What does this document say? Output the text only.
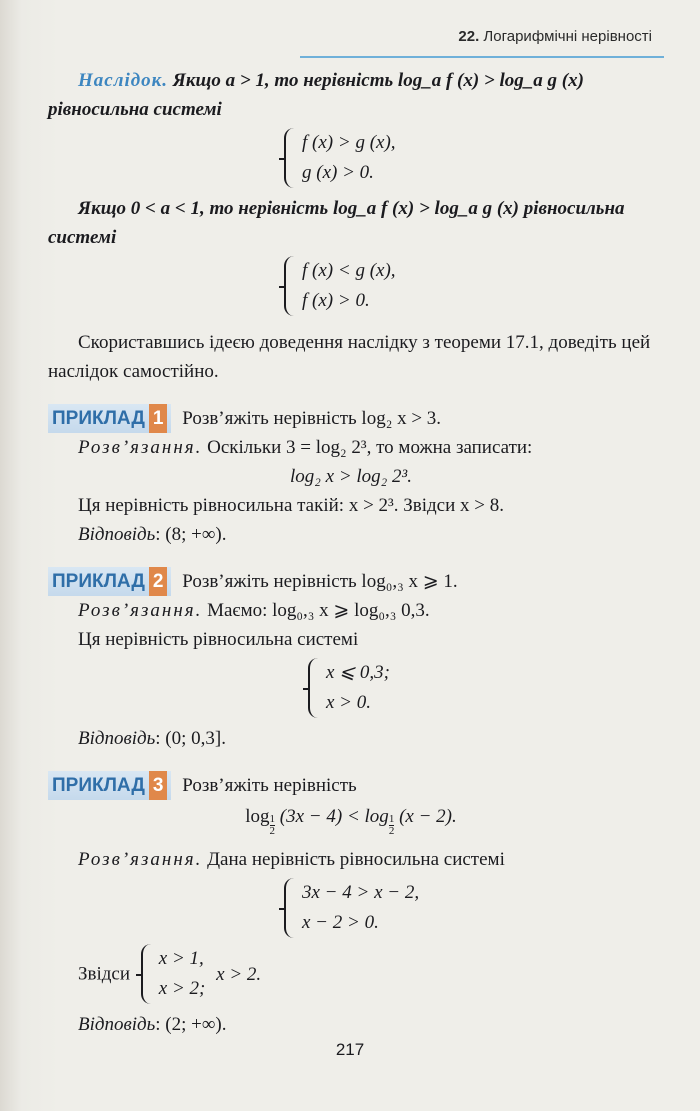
22. Логарифмічні нерівності

Наслідок. Якщо a > 1, то нерівність log_a f (x) > log_a g (x) рівносильна системі

f (x) > g (x),
g (x) > 0.

Якщо 0 < a < 1, то нерівність log_a f (x) > log_a g (x) рівносильна системі

f (x) < g (x),
f (x) > 0.

Скориставшись ідеєю доведення наслідку з теореми 17.1, доведіть цей наслідок самостійно.

ПРИКЛАД 1 Розв’яжіть нерівність log₂ x > 3.

Розв’язання. Оскільки 3 = log₂ 2³, то можна записати:

log₂ x > log₂ 2³.

Ця нерівність рівносильна такій: x > 2³. Звідси x > 8.

Відповідь: (8; +∞).

ПРИКЛАД 2 Розв’яжіть нерівність log₀,₃ x ⩾ 1.

Розв’язання. Маємо: log₀,₃ x ⩾ log₀,₃ 0,3.

Ця нерівність рівносильна системі

x ⩽ 0,3;
x > 0.

Відповідь: (0; 0,3].

ПРИКЛАД 3 Розв’яжіть нерівність

$\log \frac{1}{2} (3x - 4) < \log \frac{1}{2} (x - 2)$.

Розв’язання. Дана нерівність рівносильна системі

3x − 4 > x − 2,
x − 2 > 0.
Звідси
x > 1,
x > 2;
x > 2.

Відповідь: (2; +∞).

217
